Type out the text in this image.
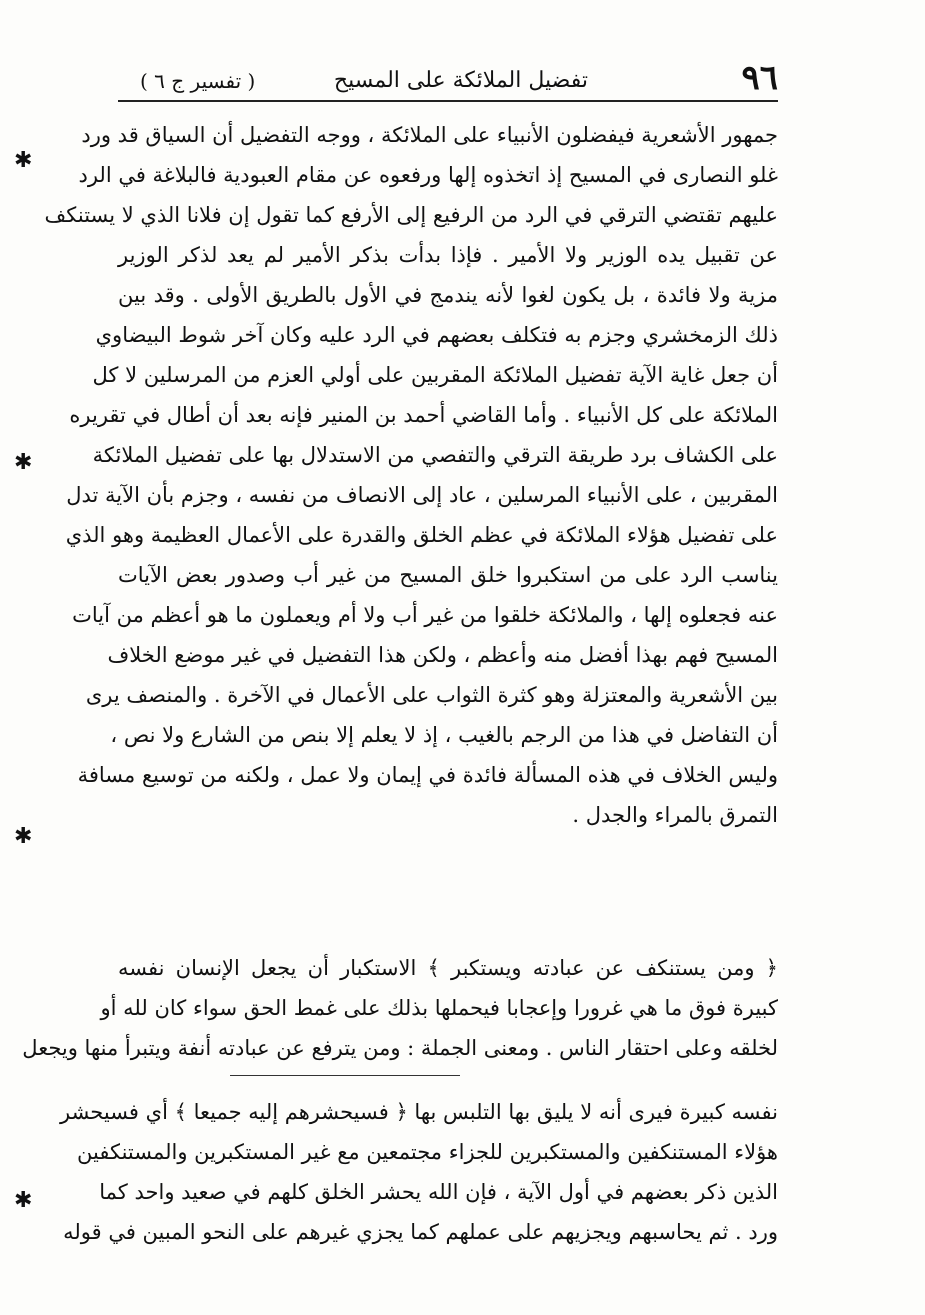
٩٦
تفضيل الملائكة على المسيح
( تفسير ج ٦ )
جمهور الأشعرية فيفضلون الأنبياء على الملائكة ، ووجه التفضيل أن السياق قد ورد
غلو النصارى في المسيح إذ اتخذوه إلها ورفعوه عن مقام العبودية فالبلاغة في الرد
عليهم تقتضي الترقي في الرد من الرفيع إلى الأرفع كما تقول إن فلانا الذي لا يستنكف
عن تقبيل يده الوزير ولا الأمير . فإذا بدأت بذكر الأمير لم يعد لذكر الوزير
مزية ولا فائدة ، بل يكون لغوا لأنه يندمج في الأول بالطريق الأولى . وقد بين
ذلك الزمخشري وجزم به فتكلف بعضهم في الرد عليه وكان آخر شوط البيضاوي
أن جعل غاية الآية تفضيل الملائكة المقربين على أولي العزم من المرسلين لا كل
الملائكة على كل الأنبياء . وأما القاضي أحمد بن المنير فإنه بعد أن أطال في تقريره
على الكشاف برد طريقة الترقي والتفصي من الاستدلال بها على تفضيل الملائكة
المقربين ، على الأنبياء المرسلين ، عاد إلى الانصاف من نفسه ، وجزم بأن الآية تدل
على تفضيل هؤلاء الملائكة في عظم الخلق والقدرة على الأعمال العظيمة وهو الذي
يناسب الرد على من استكبروا خلق المسيح من غير أب وصدور بعض الآيات
عنه فجعلوه إلها ، والملائكة خلقوا من غير أب ولا أم ويعملون ما هو أعظم من آيات
المسيح فهم بهذا أفضل منه وأعظم ، ولكن هذا التفضيل في غير موضع الخلاف
بين الأشعرية والمعتزلة وهو كثرة الثواب على الأعمال في الآخرة . والمنصف يرى
أن التفاضل في هذا من الرجم بالغيب ، إذ لا يعلم إلا بنص من الشارع ولا نص ،
وليس الخلاف في هذه المسألة فائدة في إيمان ولا عمل ، ولكنه من توسيع مسافة
التمرق بالمراء والجدل .
﴿ ومن يستنكف عن عبادته ويستكبر ﴾ الاستكبار أن يجعل الإنسان نفسه
كبيرة فوق ما هي غرورا وإعجابا فيحملها بذلك على غمط الحق سواء كان لله أو
لخلقه وعلى احتقار الناس . ومعنى الجملة : ومن يترفع عن عبادته أنفة ويتبرأ منها ويجعل
نفسه كبيرة فيرى أنه لا يليق بها التلبس بها ﴿ فسيحشرهم إليه جميعا ﴾ أي فسيحشر
هؤلاء المستنكفين والمستكبرين للجزاء مجتمعين مع غير المستكبرين والمستنكفين
الذين ذكر بعضهم في أول الآية ، فإن الله يحشر الخلق كلهم في صعيد واحد كما
ورد . ثم يحاسبهم ويجزيهم على عملهم كما يجزي غيرهم على النحو المبين في قوله
✱
✱
✱
✱
